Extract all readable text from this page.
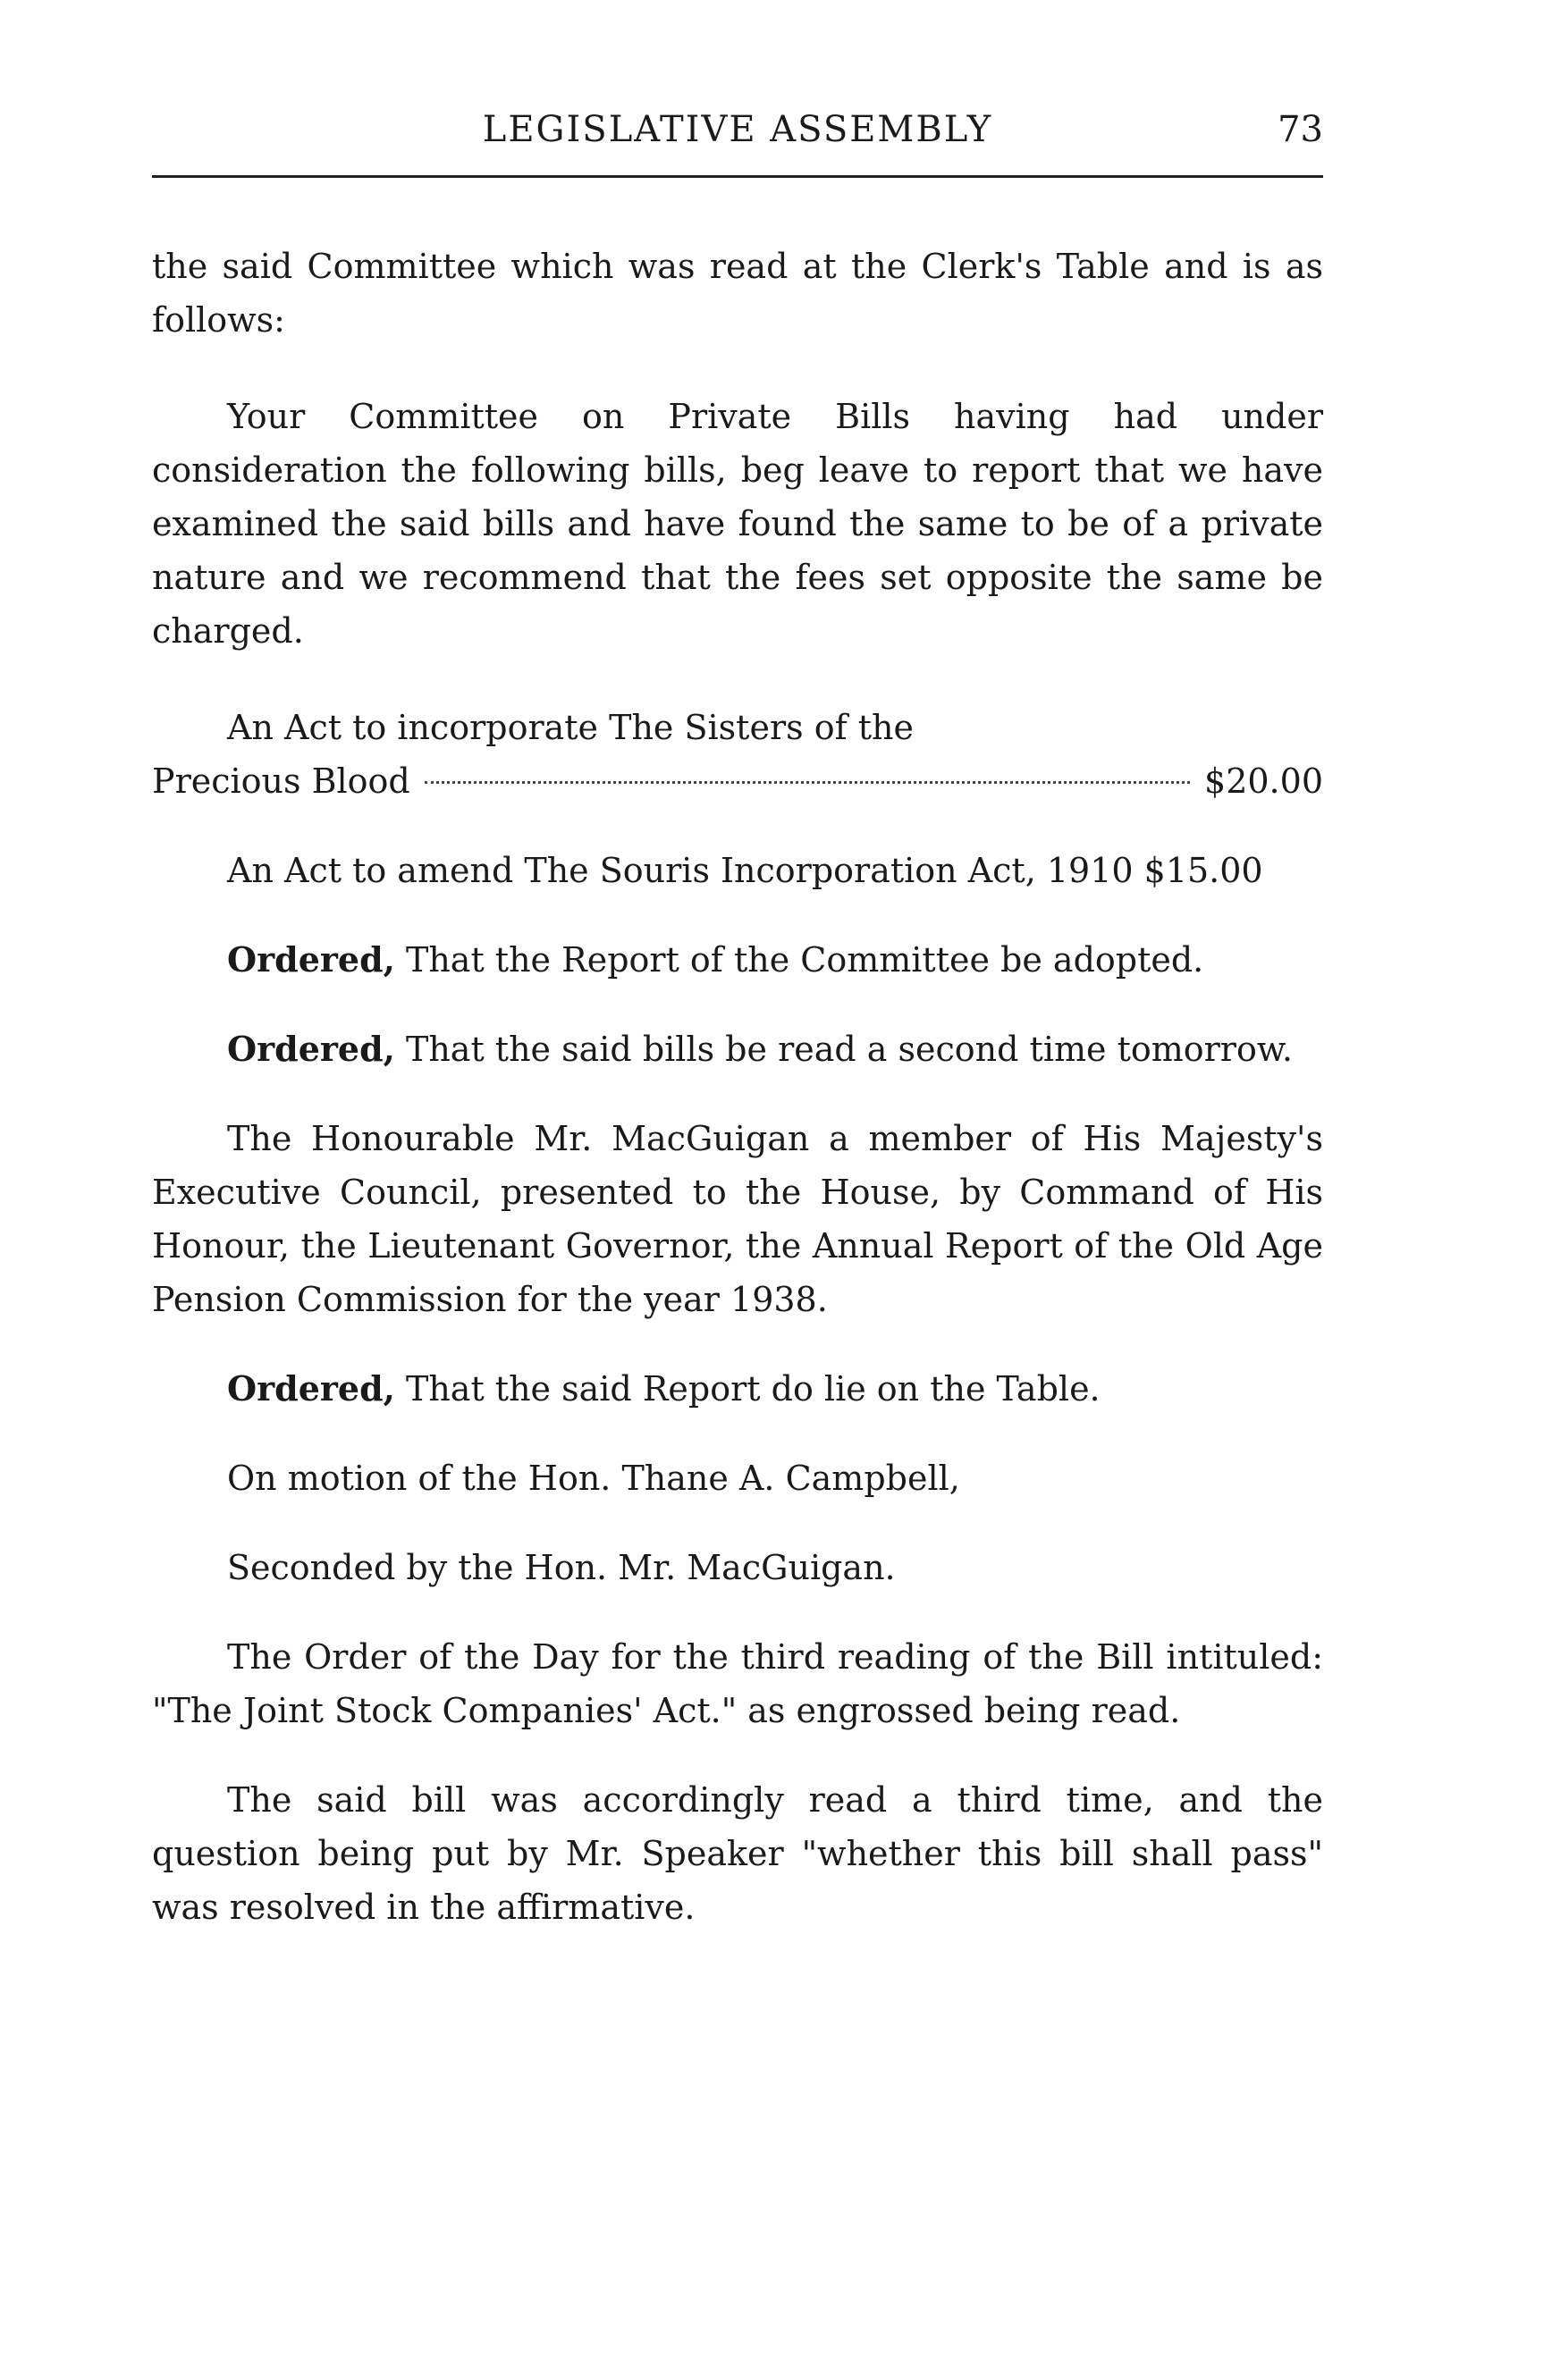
LEGISLATIVE ASSEMBLY	73

the said Committee which was read at the Clerk's Table and is as follows:

Your Committee on Private Bills having had under consideration the following bills, beg leave to report that we have examined the said bills and have found the same to be of a private nature and we recommend that the fees set opposite the same be charged.

An Act to incorporate The Sisters of the

Precious Blood	$20.00

An Act to amend The Souris Incorporation Act, 1910 $15.00

Ordered, That the Report of the Committee be adopted.

Ordered, That the said bills be read a second time tomorrow.

The Honourable Mr. MacGuigan a member of His Majesty's Executive Council, presented to the House, by Command of His Honour, the Lieutenant Governor, the Annual Report of the Old Age Pension Commission for the year 1938.

Ordered, That the said Report do lie on the Table.

On motion of the Hon. Thane A. Campbell,

Seconded by the Hon. Mr. MacGuigan.

The Order of the Day for the third reading of the Bill intituled: "The Joint Stock Companies' Act." as engrossed being read.

The said bill was accordingly read a third time, and the question being put by Mr. Speaker "whether this bill shall pass" was resolved in the affirmative.
